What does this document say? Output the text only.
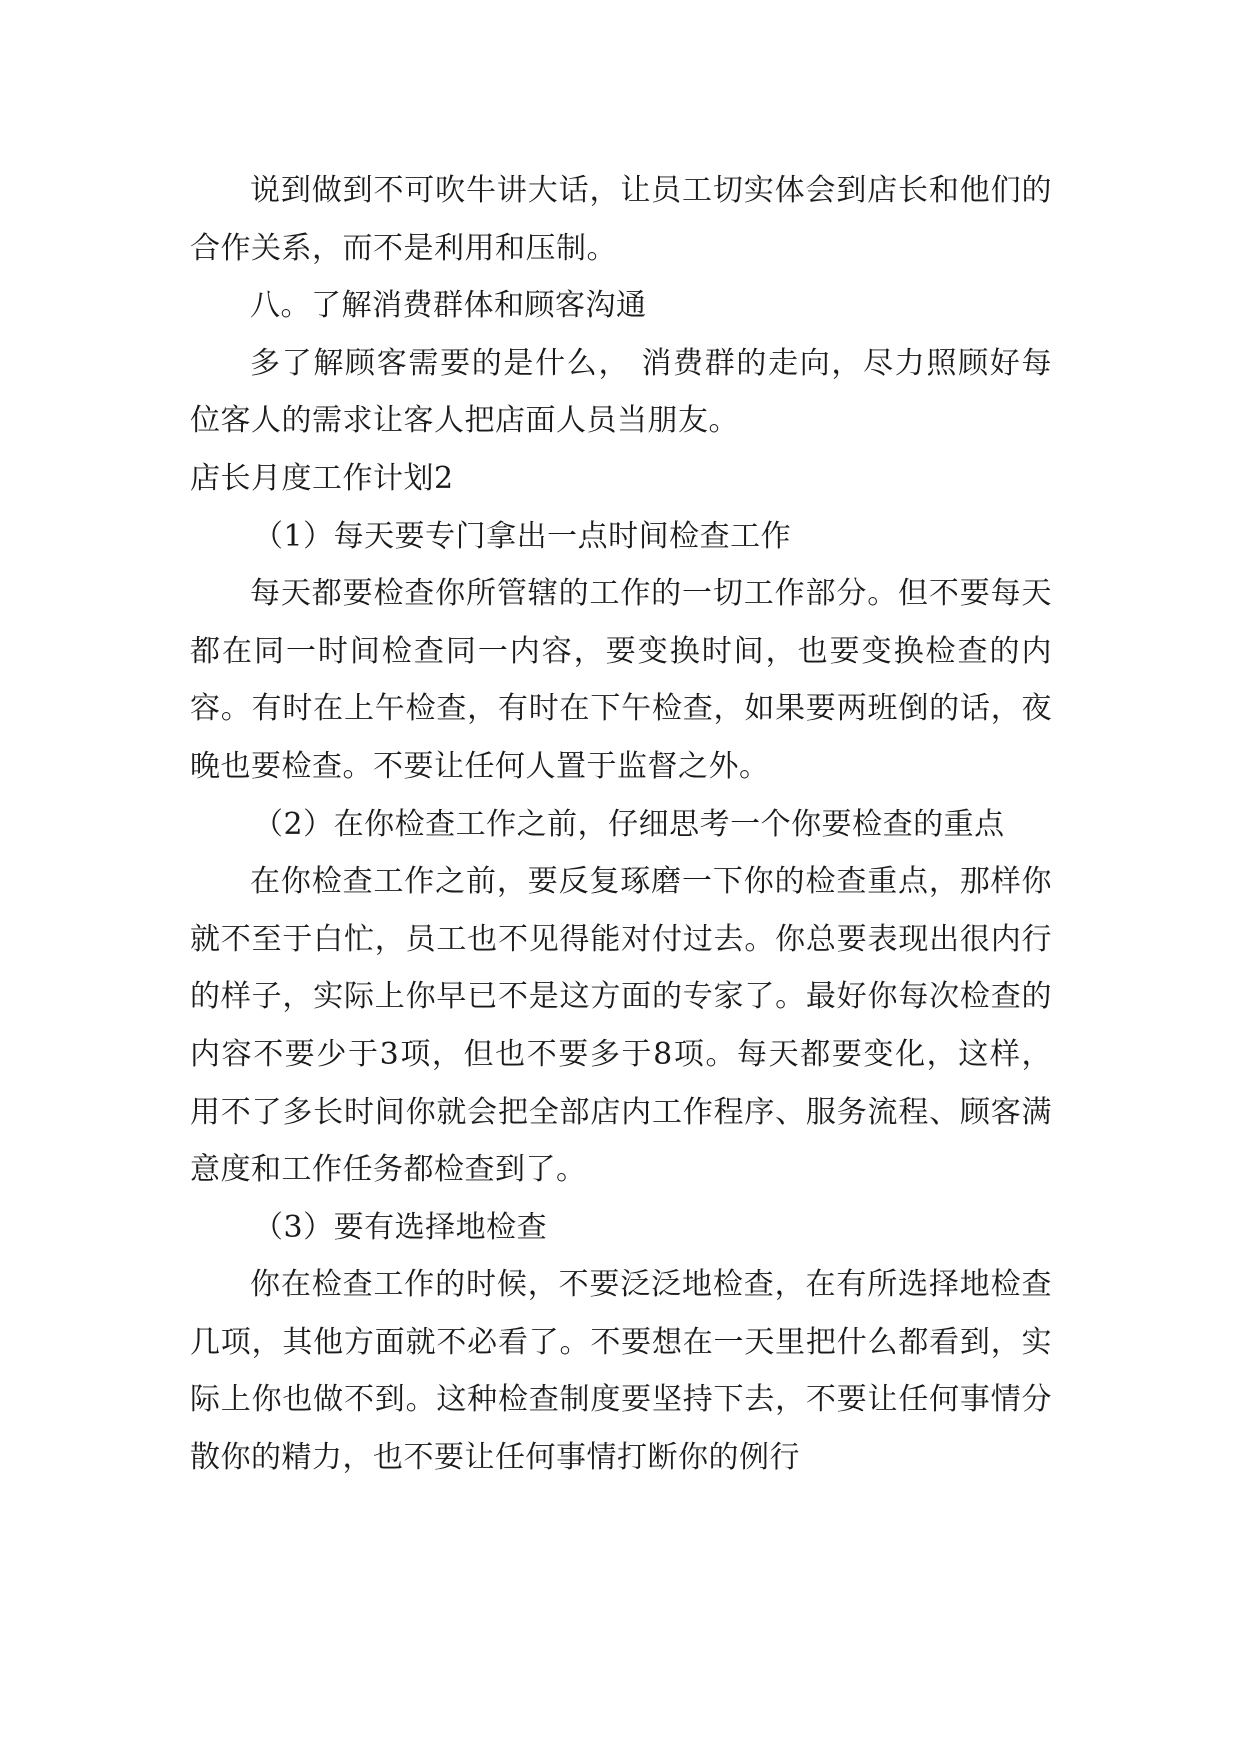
说到做到不可吹牛讲大话，让员工切实体会到店长和他们的合作关系，而不是利用和压制。

八。了解消费群体和顾客沟通

多了解顾客需要的是什么， 消费群的走向，尽力照顾好每位客人的需求让客人把店面人员当朋友。

店长月度工作计划2

（1）每天要专门拿出一点时间检查工作

每天都要检查你所管辖的工作的一切工作部分。但不要每天都在同一时间检查同一内容，要变换时间，也要变换检查的内容。有时在上午检查，有时在下午检查，如果要两班倒的话，夜晚也要检查。不要让任何人置于监督之外。

（2）在你检查工作之前，仔细思考一个你要检查的重点

在你检查工作之前，要反复琢磨一下你的检查重点，那样你就不至于白忙，员工也不见得能对付过去。你总要表现出很内行的样子，实际上你早已不是这方面的专家了。最好你每次检查的内容不要少于3项，但也不要多于8项。每天都要变化，这样，用不了多长时间你就会把全部店内工作程序、服务流程、顾客满意度和工作任务都检查到了。

（3）要有选择地检查

你在检查工作的时候，不要泛泛地检查，在有所选择地检查几项，其他方面就不必看了。不要想在一天里把什么都看到，实际上你也做不到。这种检查制度要坚持下去，不要让任何事情分散你的精力，也不要让任何事情打断你的例行
